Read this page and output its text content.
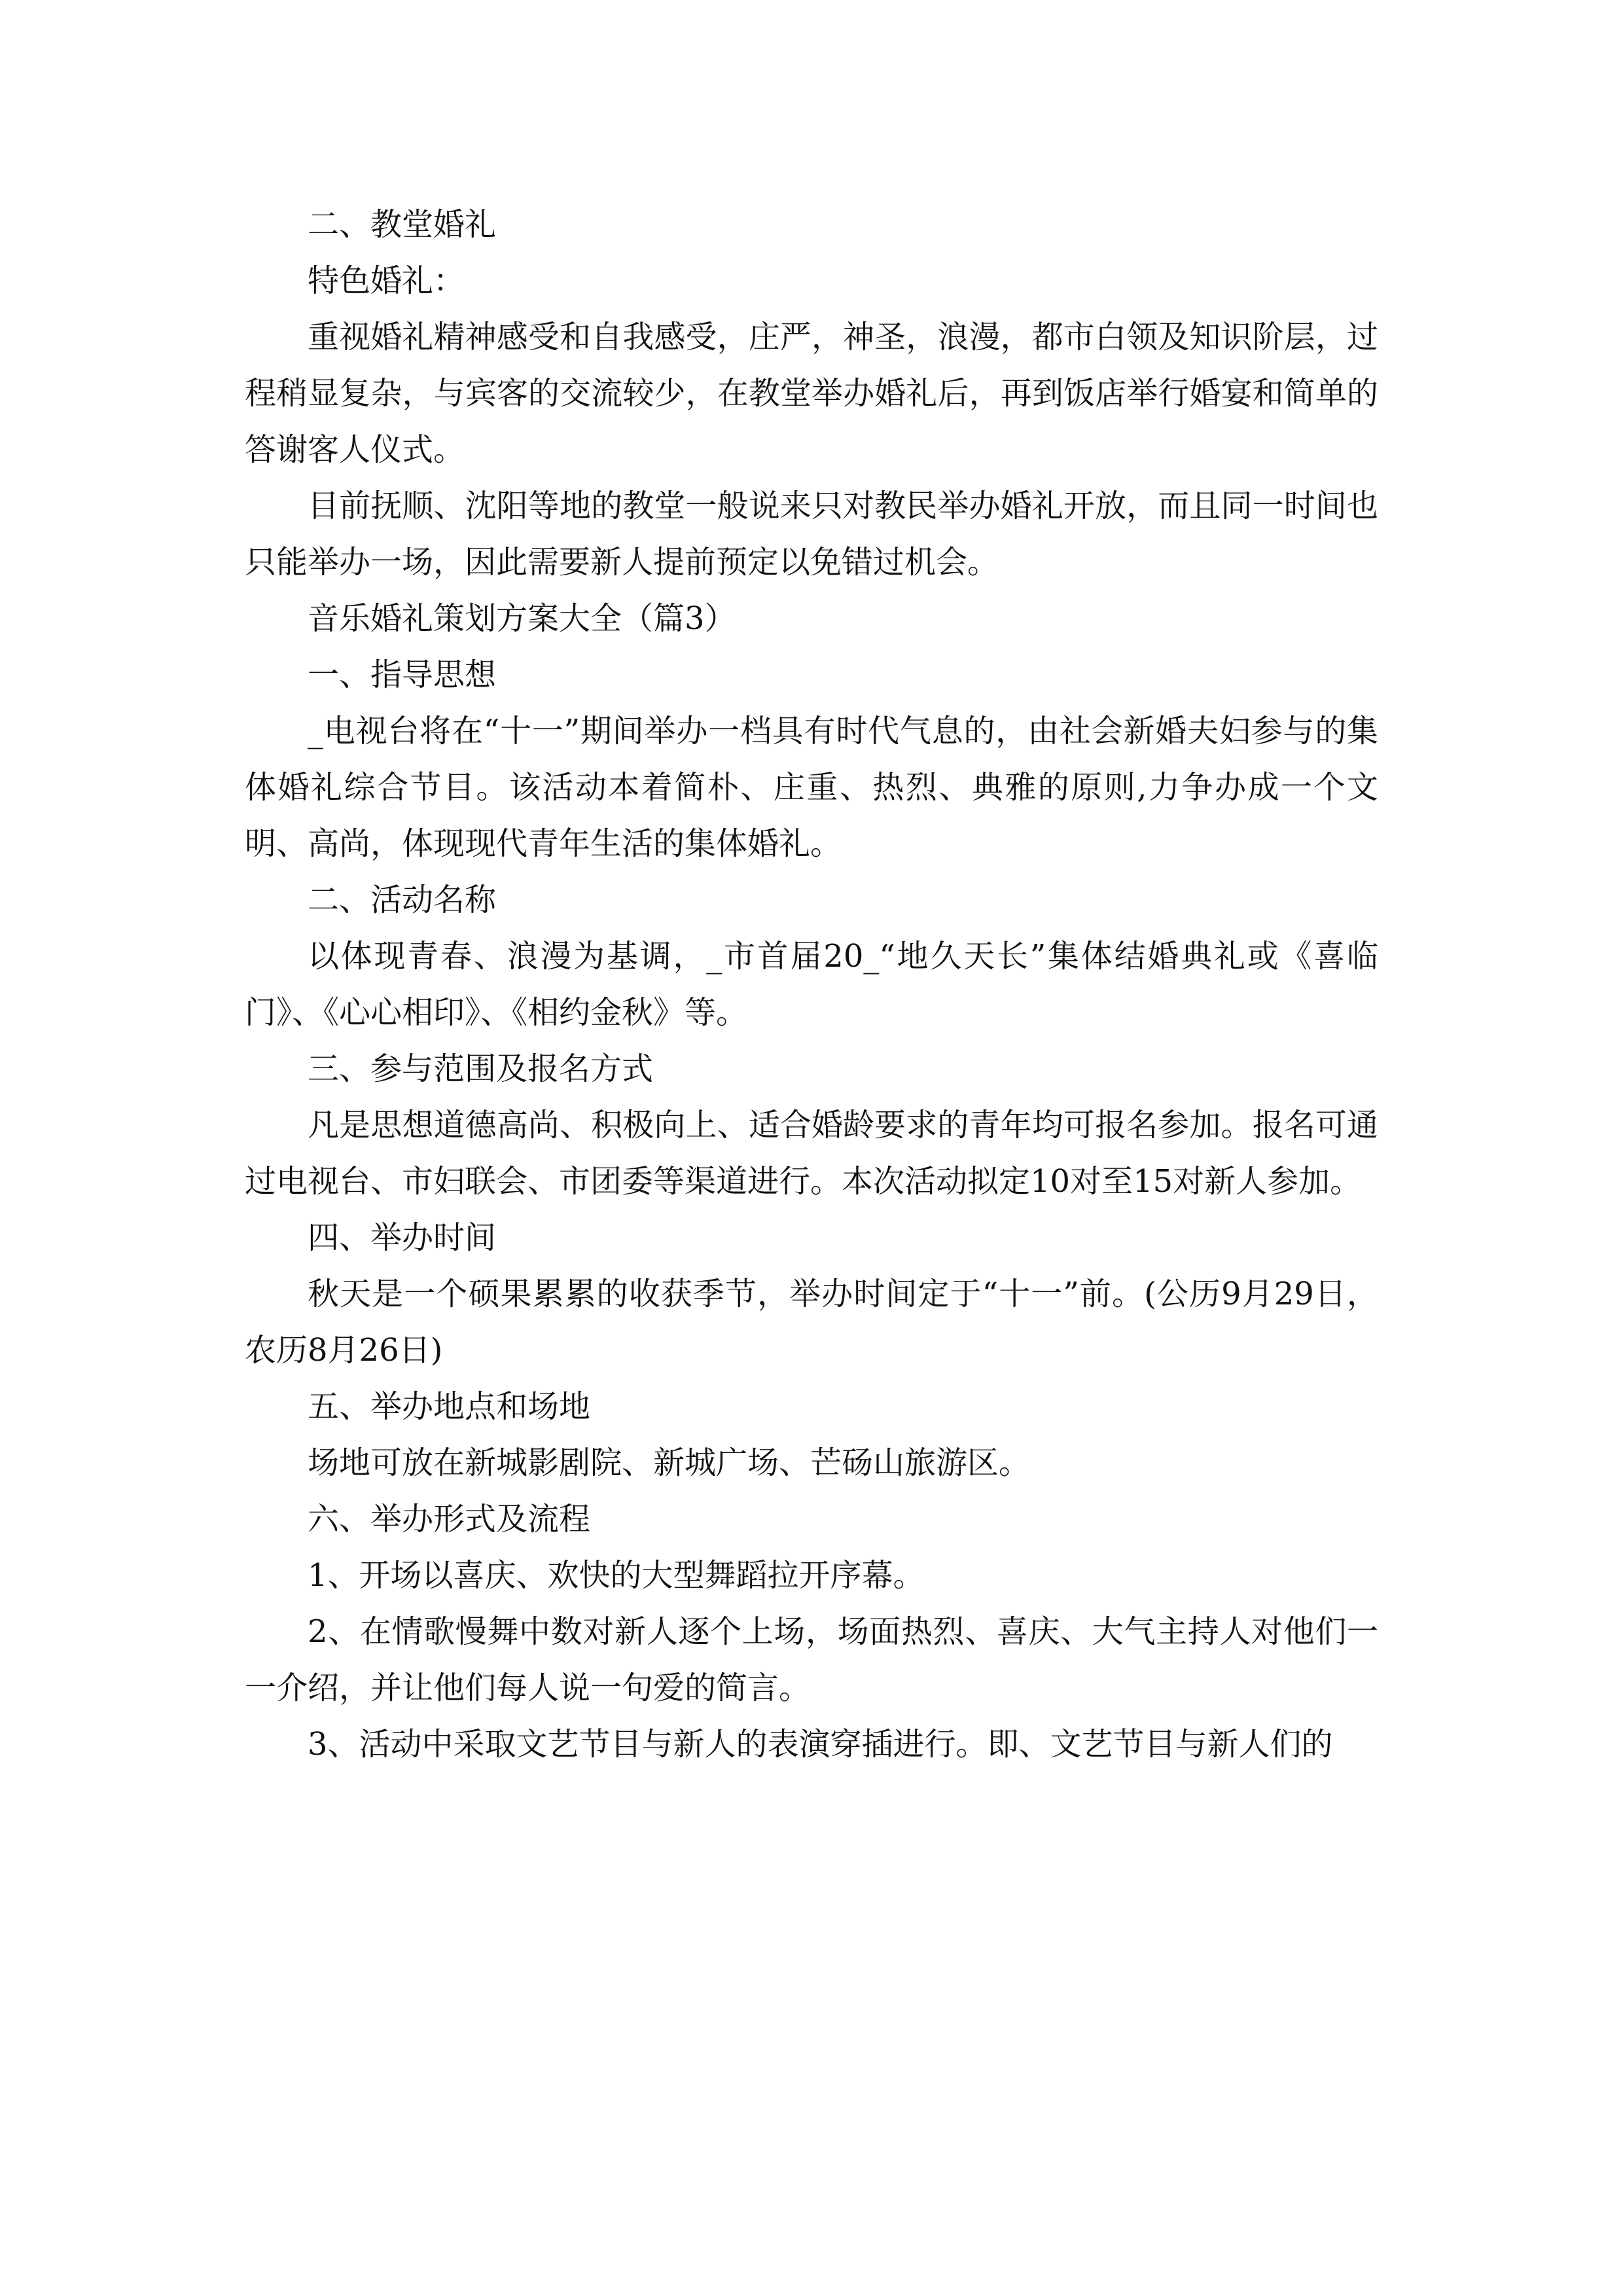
二、教堂婚礼

特色婚礼：

重视婚礼精神感受和自我感受，庄严，神圣，浪漫，都市白领及知识阶层，过程稍显复杂，与宾客的交流较少，在教堂举办婚礼后，再到饭店举行婚宴和简单的答谢客人仪式。

目前抚顺、沈阳等地的教堂一般说来只对教民举办婚礼开放，而且同一时间也只能举办一场，因此需要新人提前预定以免错过机会。

音乐婚礼策划方案大全（篇3）

一、指导思想

_电视台将在“十一”期间举办一档具有时代气息的，由社会新婚夫妇参与的集体婚礼综合节目。该活动本着简朴、庄重、热烈、典雅的原则,力争办成一个文明、高尚，体现现代青年生活的集体婚礼。

二、活动名称

以体现青春、浪漫为基调，_市首届20_“地久天长”集体结婚典礼或《喜临门》、《心心相印》、《相约金秋》等。

三、参与范围及报名方式

凡是思想道德高尚、积极向上、适合婚龄要求的青年均可报名参加。报名可通过电视台、市妇联会、市团委等渠道进行。本次活动拟定10对至15对新人参加。

四、举办时间

秋天是一个硕果累累的收获季节，举办时间定于“十一”前。(公历9月29日，农历8月26日)

五、举办地点和场地

场地可放在新城影剧院、新城广场、芒砀山旅游区。

六、举办形式及流程

1、开场以喜庆、欢快的大型舞蹈拉开序幕。

2、在情歌慢舞中数对新人逐个上场，场面热烈、喜庆、大气主持人对他们一一介绍，并让他们每人说一句爱的简言。

3、活动中采取文艺节目与新人的表演穿插进行。即、文艺节目与新人们的
